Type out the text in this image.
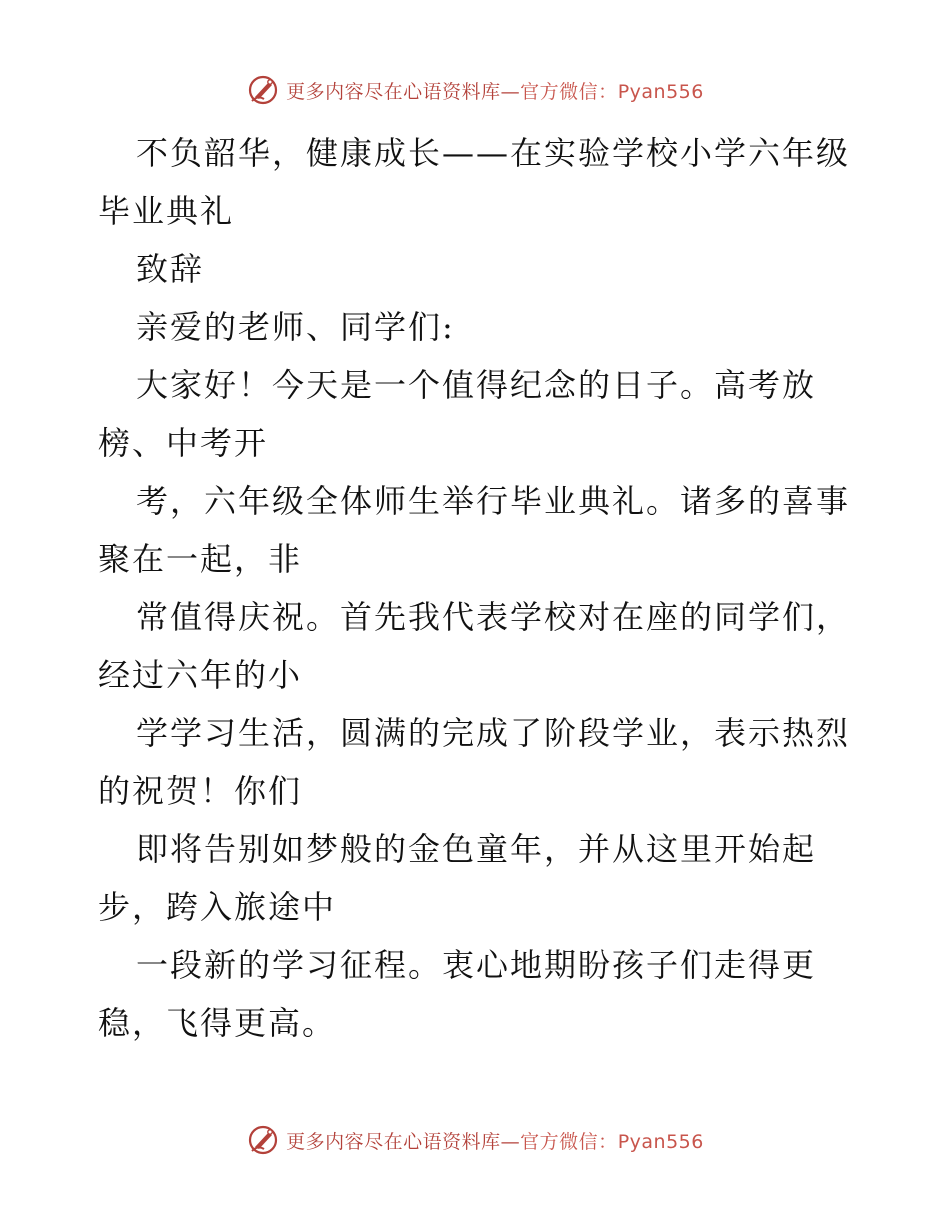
更多内容尽在心语资料库—官方微信：Pyan556
不负韶华，健康成长——在实验学校小学六年级
毕业典礼
致辞
亲爱的老师、同学们:
大家好！今天是一个值得纪念的日子。高考放
榜、中考开
考，六年级全体师生举行毕业典礼。诸多的喜事
聚在一起，非
常值得庆祝。首先我代表学校对在座的同学们，
经过六年的小
学学习生活，圆满的完成了阶段学业，表示热烈
的祝贺！你们
即将告别如梦般的金色童年，并从这里开始起
步，跨入旅途中
一段新的学习征程。衷心地期盼孩子们走得更
稳，飞得更高。
更多内容尽在心语资料库—官方微信：Pyan556
